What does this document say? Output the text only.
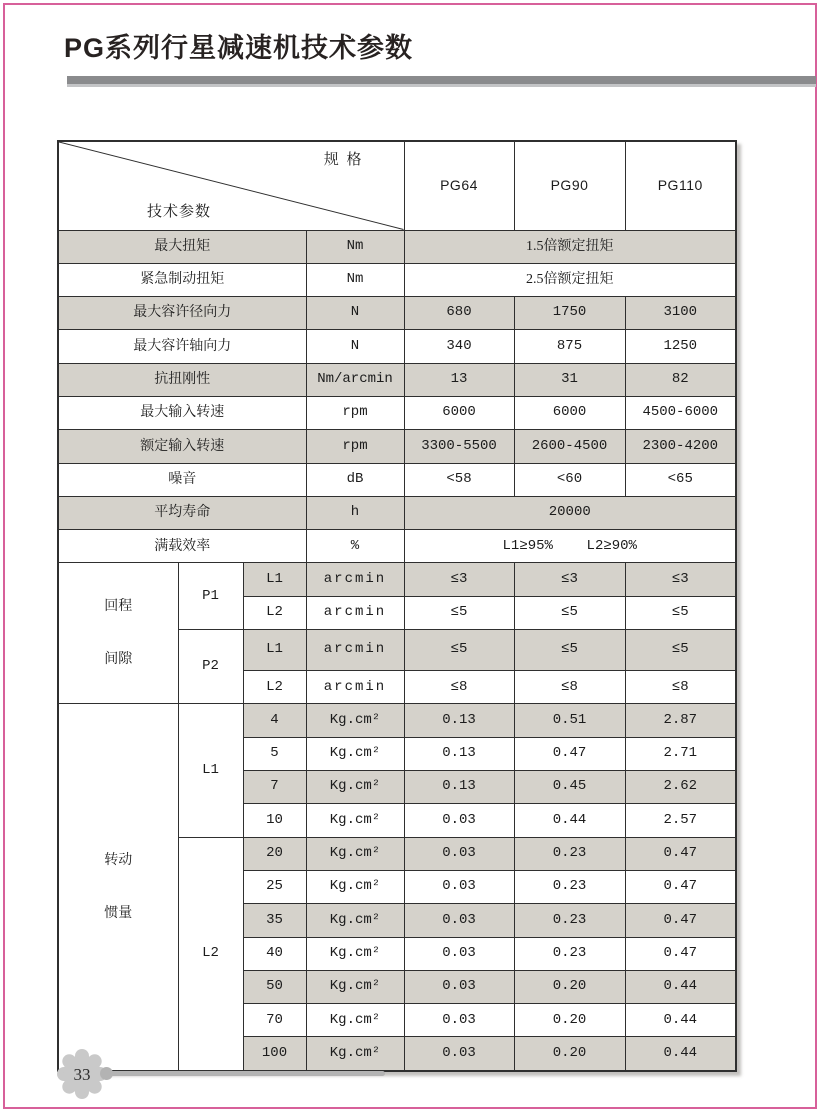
PG系列行星减速机技术参数

规 格

技术参数				PG64	PG90	PG110
最大扭矩			Nm	1.5倍额定扭矩		
紧急制动扭矩			Nm	2.5倍额定扭矩		
最大容许径向力			N	680	1750	3100
最大容许轴向力			N	340	875	1250
抗扭刚性			Nm/arcmin	13	31	82
最大输入转速			rpm	6000	6000	4500-6000
额定输入转速			rpm	3300-5500	2600-4500	2300-4200
噪音			dB	<58	<60	<65
平均寿命			h	20000		
满载效率			%	L1≥95%    L2≥90%		

回程

间隙	P1	L1	arcmin	≤3	≤3	≤3
		L2	arcmin	≤5	≤5	≤5
	P2	L1	arcmin	≤5	≤5	≤5
		L2	arcmin	≤8	≤8	≤8

转动

惯量	L1	4	Kg.cm²	0.13	0.51	2.87
		5	Kg.cm²	0.13	0.47	2.71
		7	Kg.cm²	0.13	0.45	2.62
		10	Kg.cm²	0.03	0.44	2.57
	L2	20	Kg.cm²	0.03	0.23	0.47
		25	Kg.cm²	0.03	0.23	0.47
		35	Kg.cm²	0.03	0.23	0.47
		40	Kg.cm²	0.03	0.23	0.47
		50	Kg.cm²	0.03	0.20	0.44
		70	Kg.cm²	0.03	0.20	0.44
		100	Kg.cm²	0.03	0.20	0.44
33
